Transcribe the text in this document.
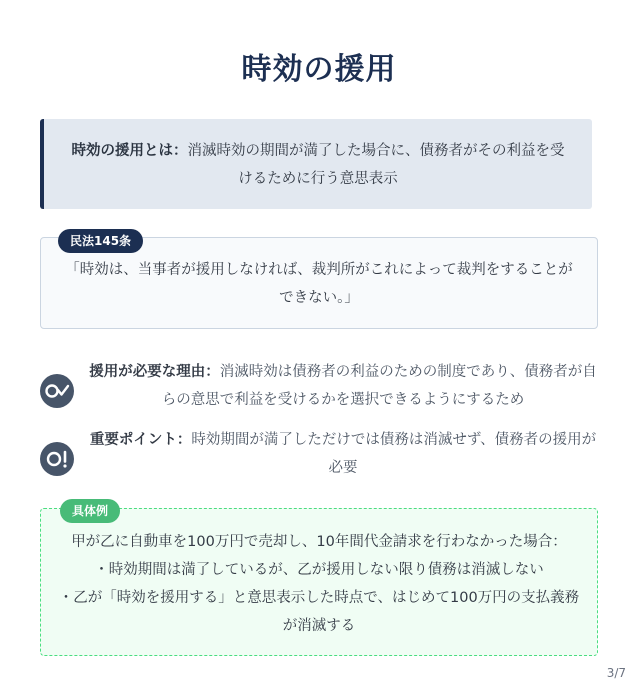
時効の援用
時効の援用とは：消滅時効の期間が満了した場合に、債務者がその利益を受けるために行う意思表示
「時効は、当事者が援用しなければ、裁判所がこれによって裁判をすることができない。」
民法145条
援用が必要な理由：消滅時効は債務者の利益のための制度であり、債務者が自らの意思で利益を受けるかを選択できるようにするため
重要ポイント：時効期間が満了しただけでは債務は消滅せず、債務者の援用が必要
甲が乙に自動車を100万円で売却し、10年間代金請求を行わなかった場合：
・時効期間は満了しているが、乙が援用しない限り債務は消滅しない
・乙が「時効を援用する」と意思表示した時点で、はじめて100万円の支払義務が消滅する
具体例
3/7
